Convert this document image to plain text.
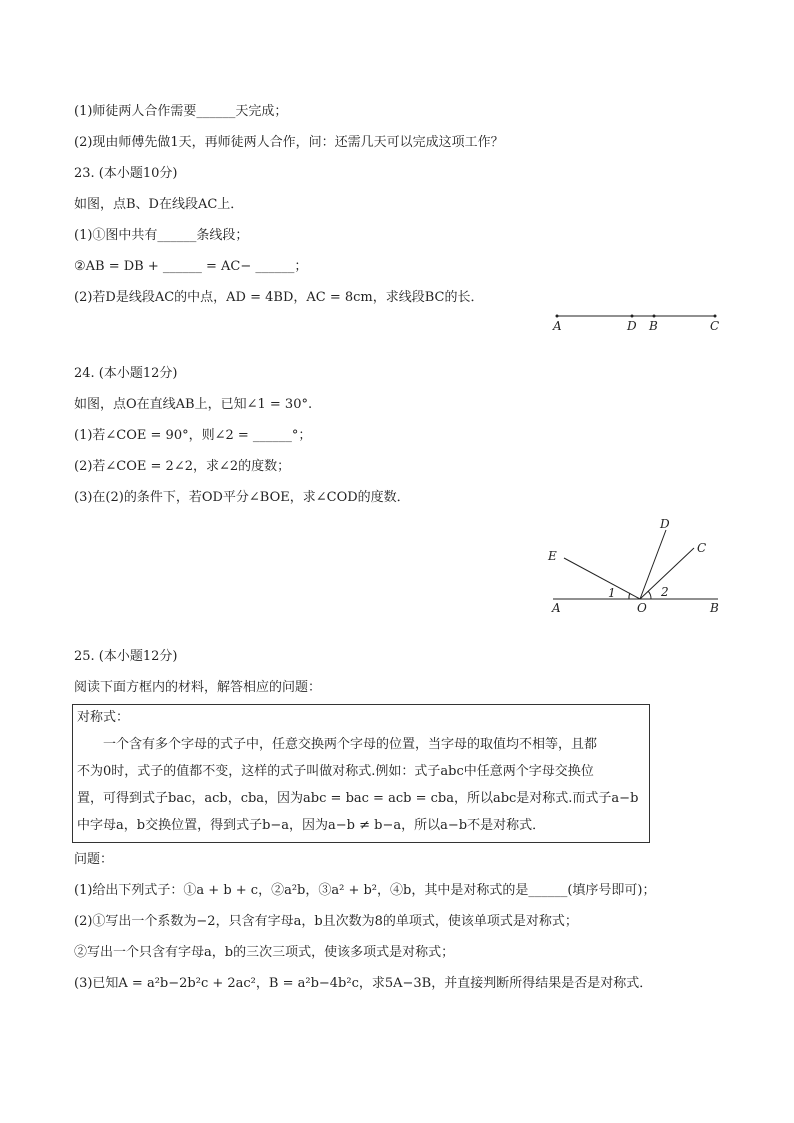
(1)师徒两人合作需要______天完成；
(2)现由师傅先做1天，再师徒两人合作，问：还需几天可以完成这项工作？
23. (本小题10分)
如图，点B、D在线段AC上．
(1)①图中共有______条线段；
②AB = DB + ______ = AC− ______；
(2)若D是线段AC的中点，AD = 4BD，AC = 8cm，求线段BC的长．
A	D B	C
24. (本小题12分)
如图，点O在直线AB上，已知∠1 = 30°.
(1)若∠COE = 90°，则∠2 = ______°；
(2)若∠COE = 2∠2，求∠2的度数；
(3)在(2)的条件下，若OD平分∠BOE，求∠COD的度数．
A	O	B
E
D
C
1	2
25. (本小题12分)
阅读下面方框内的材料，解答相应的问题：
对称式：
　　一个含有多个字母的式子中，任意交换两个字母的位置，当字母的取值均不相等，且都
不为0时，式子的值都不变，这样的式子叫做对称式.例如：式子abc中任意两个字母交换位
置，可得到式子bac，acb，cba，因为abc = bac = acb = cba，所以abc是对称式.而式子a−b
中字母a，b交换位置，得到式子b−a，因为a−b ≠ b−a，所以a−b不是对称式．
问题：
(1)给出下列式子：①a + b + c，②a²b，③a² + b²，④b，其中是对称式的是______(填序号即可)；
(2)①写出一个系数为−2，只含有字母a，b且次数为8的单项式，使该单项式是对称式；
②写出一个只含有字母a，b的三次三项式，使该多项式是对称式；
(3)已知A = a²b−2b²c + 2ac²，B = a²b−4b²c，求5A−3B，并直接判断所得结果是否是对称式．
